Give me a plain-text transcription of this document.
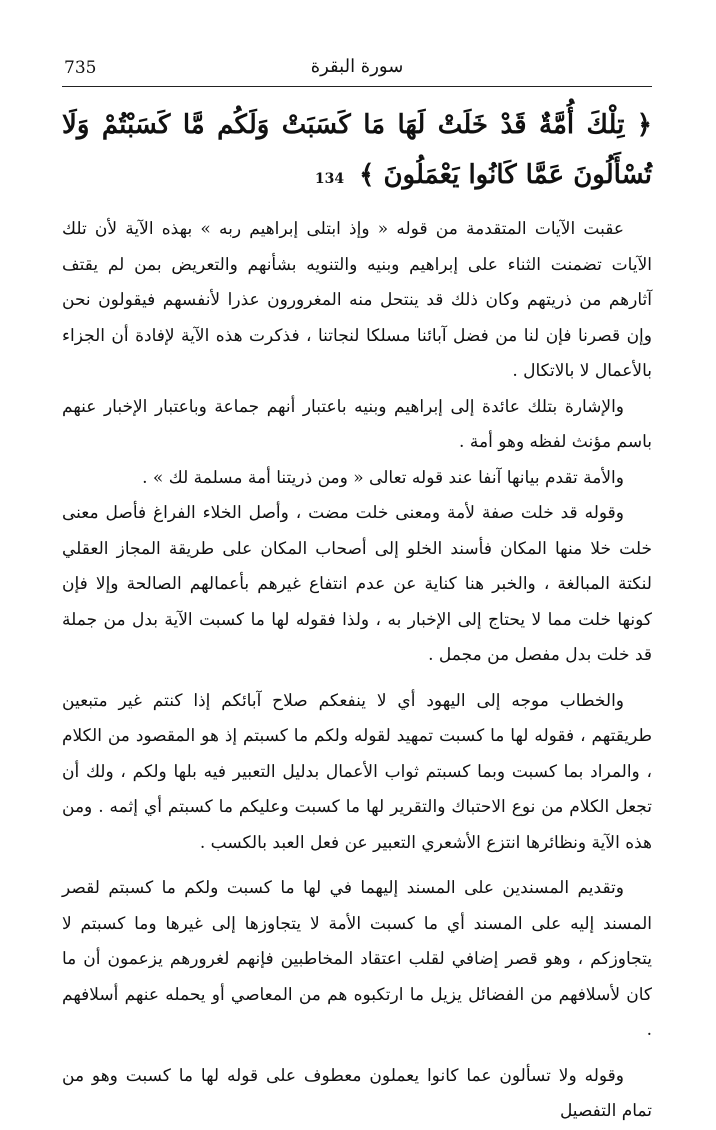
735	سورة البقرة
﴿ تِلْكَ أُمَّةٌ قَدْ خَلَتْ لَهَا مَا كَسَبَتْ وَلَكُم مَّا كَسَبْتُمْ وَلَا تُسْأَلُونَ عَمَّا كَانُوا يَعْمَلُونَ ﴾ 134

عقبت الآيات المتقدمة من قوله « وإذ ابتلى إبراهيم ربه » بهذه الآية لأن تلك الآيات تضمنت الثناء على إبراهيم وبنيه والتنويه بشأنهم والتعريض بمن لم يقتف آثارهم من ذريتهم وكان ذلك قد ينتحل منه المغرورون عذرا لأنفسهم فيقولون نحن وإن قصرنا فإن لنا من فضل آبائنا مسلكا لنجاتنا ، فذكرت هذه الآية لإفادة أن الجزاء بالأعمال لا بالاتكال .

والإشارة بتلك عائدة إلى إبراهيم وبنيه باعتبار أنهم جماعة وباعتبار الإخبار عنهم باسم مؤنث لفظه وهو أمة .

والأمة تقدم بيانها آنفا عند قوله تعالى « ومن ذريتنا أمة مسلمة لك » .

وقوله قد خلت صفة لأمة ومعنى خلت مضت ، وأصل الخلاء الفراغ فأصل معنى خلت خلا منها المكان فأسند الخلو إلى أصحاب المكان على طريقة المجاز العقلي لنكتة المبالغة ، والخبر هنا كناية عن عدم انتفاع غيرهم بأعمالهم الصالحة وإلا فإن كونها خلت مما لا يحتاج إلى الإخبار به ، ولذا فقوله لها ما كسبت الآية بدل من جملة قد خلت بدل مفصل من مجمل .

والخطاب موجه إلى اليهود أي لا ينفعكم صلاح آبائكم إذا كنتم غير متبعين طريقتهم ، فقوله لها ما كسبت تمهيد لقوله ولكم ما كسبتم إذ هو المقصود من الكلام ، والمراد بما كسبت وبما كسبتم ثواب الأعمال بدليل التعبير فيه بلها ولكم ، ولك أن تجعل الكلام من نوع الاحتباك والتقرير لها ما كسبت وعليكم ما كسبتم أي إثمه . ومن هذه الآية ونظائرها انتزع الأشعري التعبير عن فعل العبد بالكسب .

وتقديم المسندين على المسند إليهما في لها ما كسبت ولكم ما كسبتم لقصر المسند إليه على المسند أي ما كسبت الأمة لا يتجاوزها إلى غيرها وما كسبتم لا يتجاوزكم ، وهو قصر إضافي لقلب اعتقاد المخاطبين فإنهم لغرورهم يزعمون أن ما كان لأسلافهم من الفضائل يزيل ما ارتكبوه هم من المعاصي أو يحمله عنهم أسلافهم .

وقوله ولا تسألون عما كانوا يعملون معطوف على قوله لها ما كسبت وهو من تمام التفصيل
